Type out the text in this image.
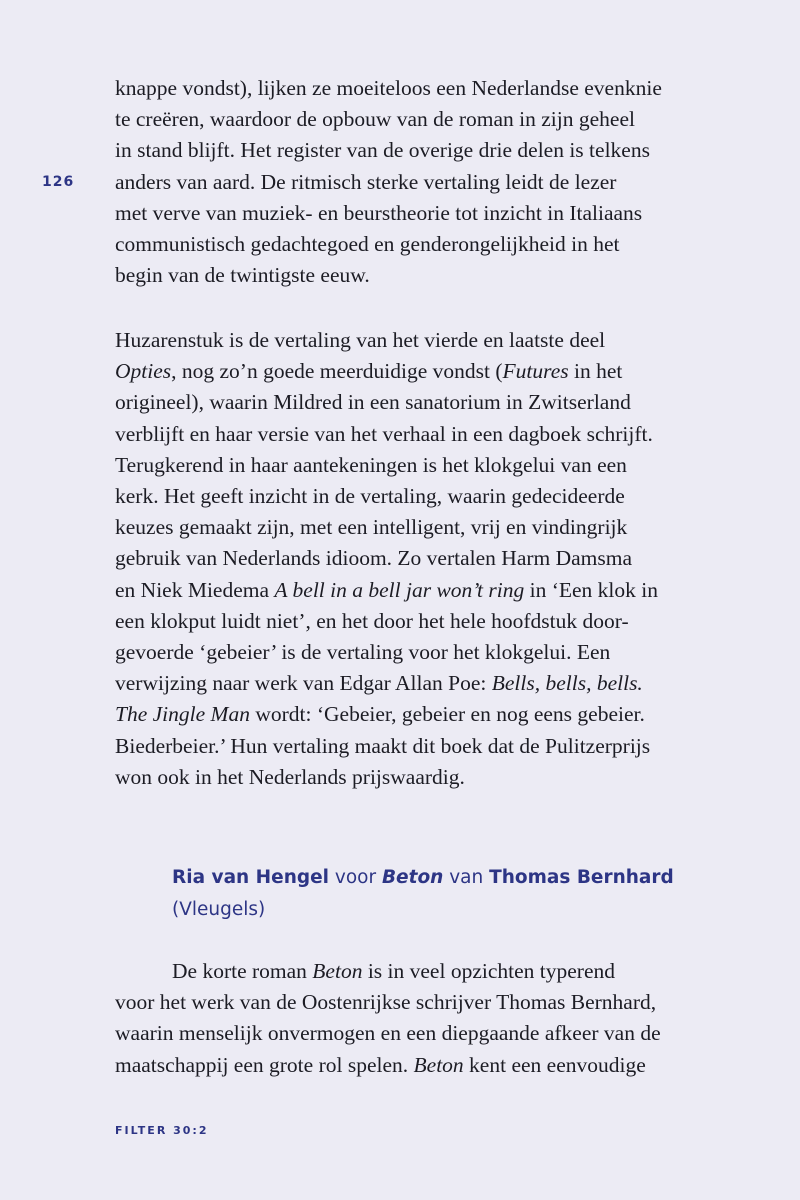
126
knappe vondst), lijken ze moeiteloos een Nederlandse evenknie
te creëren, waardoor de opbouw van de roman in zijn geheel
in stand blijft. Het register van de overige drie delen is telkens
anders van aard. De ritmisch sterke vertaling leidt de lezer
met verve van muziek- en beurstheorie tot inzicht in Italiaans
communistisch gedachtegoed en genderongelijkheid in het
begin van de twintigste eeuw.
Huzarenstuk is de vertaling van het vierde en laatste deel
Opties, nog zo’n goede meerduidige vondst (Futures in het
origineel), waarin Mildred in een sanatorium in Zwitserland
verblijft en haar versie van het verhaal in een dagboek schrijft.
Terugkerend in haar aantekeningen is het klokgelui van een
kerk. Het geeft inzicht in de vertaling, waarin gedecideerde
keuzes gemaakt zijn, met een intelligent, vrij en vindingrijk
gebruik van Nederlands idioom. Zo vertalen Harm Damsma
en Niek Miedema A bell in a bell jar won’t ring in ‘Een klok in
een klokput luidt niet’, en het door het hele hoofdstuk door-
gevoerde ‘gebeier’ is de vertaling voor het klokgelui. Een
verwijzing naar werk van Edgar Allan Poe: Bells, bells, bells.
The Jingle Man wordt: ‘Gebeier, gebeier en nog eens gebeier.
Biederbeier.’ Hun vertaling maakt dit boek dat de Pulitzerprijs
won ook in het Nederlands prijswaardig.
Ria van Hengel voor Beton van Thomas Bernhard
(Vleugels)
De korte roman Beton is in veel opzichten typerend
voor het werk van de Oostenrijkse schrijver Thomas Bernhard,
waarin menselijk onvermogen en een diepgaande afkeer van de
maatschappij een grote rol spelen. Beton kent een eenvoudige
FILTER 30:2
